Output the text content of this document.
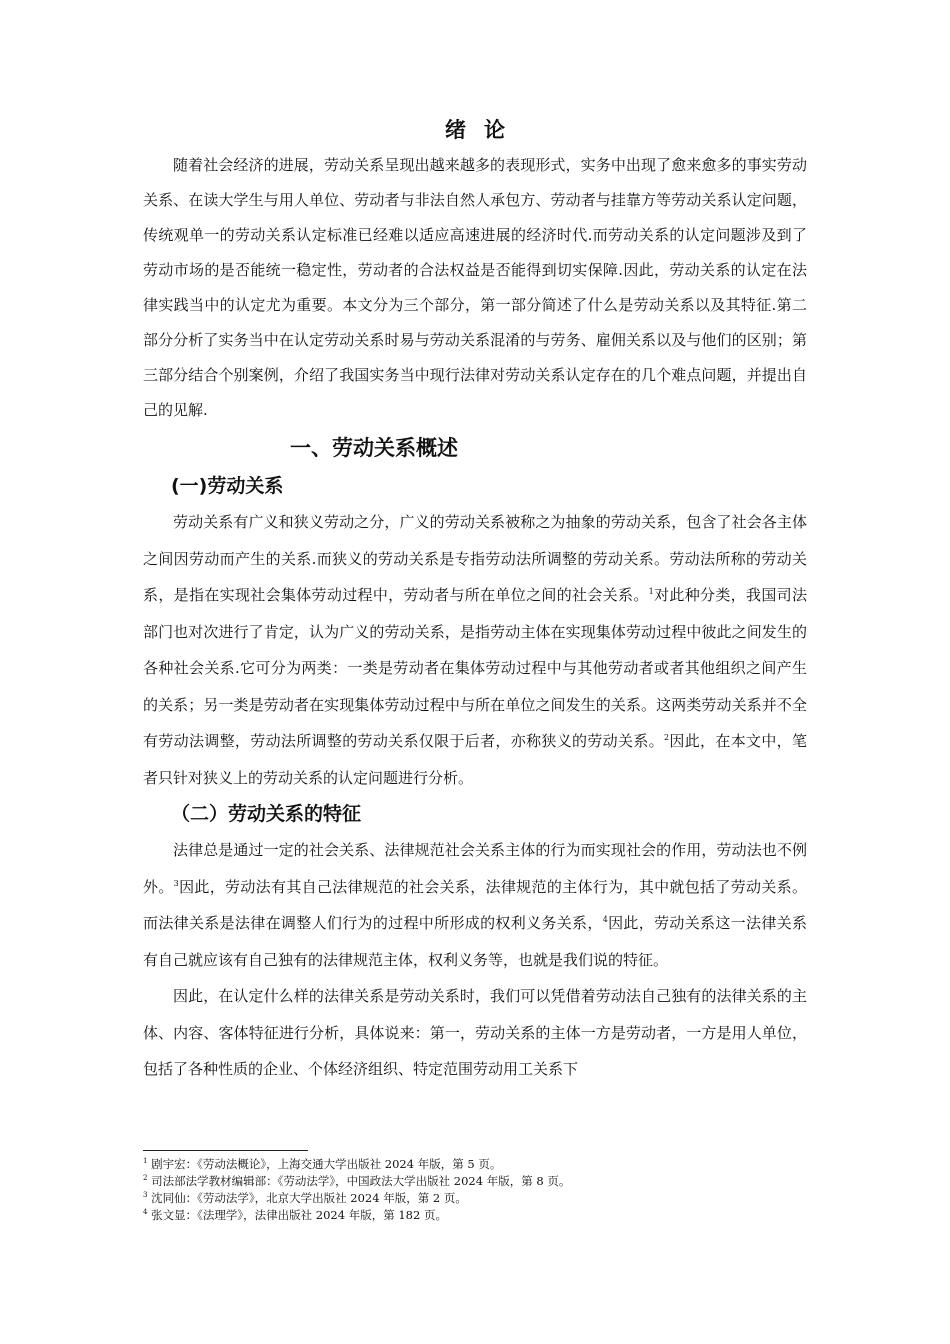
绪论

随着社会经济的进展，劳动关系呈现出越来越多的表现形式，实务中出现了愈来愈多的事实劳动关系、在读大学生与用人单位、劳动者与非法自然人承包方、劳动者与挂靠方等劳动关系认定问题，传统观单一的劳动关系认定标准已经难以适应高速进展的经济时代.而劳动关系的认定问题涉及到了劳动市场的是否能统一稳定性，劳动者的合法权益是否能得到切实保障.因此，劳动关系的认定在法律实践当中的认定尤为重要。本文分为三个部分，第一部分简述了什么是劳动关系以及其特征.第二部分分析了实务当中在认定劳动关系时易与劳动关系混淆的与劳务、雇佣关系以及与他们的区别；第三部分结合个别案例，介绍了我国实务当中现行法律对劳动关系认定存在的几个难点问题，并提出自己的见解.

一、劳动关系概述
(一)劳动关系

劳动关系有广义和狭义劳动之分，广义的劳动关系被称之为抽象的劳动关系，包含了社会各主体之间因劳动而产生的关系.而狭义的劳动关系是专指劳动法所调整的劳动关系。劳动法所称的劳动关系，是指在实现社会集体劳动过程中，劳动者与所在单位之间的社会关系。$^1$对此种分类，我国司法部门也对次进行了肯定，认为广义的劳动关系，是指劳动主体在实现集体劳动过程中彼此之间发生的各种社会关系.它可分为两类：一类是劳动者在集体劳动过程中与其他劳动者或者其他组织之间产生的关系；另一类是劳动者在实现集体劳动过程中与所在单位之间发生的关系。这两类劳动关系并不全有劳动法调整，劳动法所调整的劳动关系仅限于后者，亦称狭义的劳动关系。$^2$因此，在本文中，笔者只针对狭义上的劳动关系的认定问题进行分析。

（二）劳动关系的特征

法律总是通过一定的社会关系、法律规范社会关系主体的行为而实现社会的作用，劳动法也不例外。$^3$因此，劳动法有其自己法律规范的社会关系，法律规范的主体行为，其中就包括了劳动关系。而法律关系是法律在调整人们行为的过程中所形成的权利义务关系，$^4$因此，劳动关系这一法律关系有自己就应该有自己独有的法律规范主体，权利义务等，也就是我们说的特征。

因此，在认定什么样的法律关系是劳动关系时，我们可以凭借着劳动法自己独有的法律关系的主体、内容、客体特征进行分析，具体说来：第一，劳动关系的主体一方是劳动者，一方是用人单位，包括了各种性质的企业、个体经济组织、特定范围劳动用工关系下

$^1$ 剧宇宏：《劳动法概论》，上海交通大学出版社 2024 年版，第 5 页。

$^2$ 司法部法学教材编辑部：《劳动法学》，中国政法大学出版社 2024 年版，第 8 页。

$^3$ 沈同仙：《劳动法学》，北京大学出版社 2024 年版，第 2 页。

$^4$ 张文显：《法理学》，法律出版社 2024 年版，第 182 页。
